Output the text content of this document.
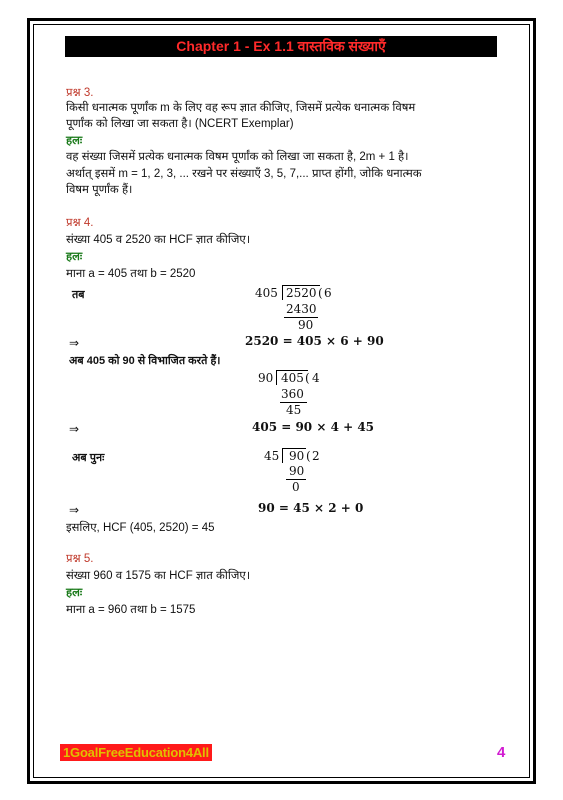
Chapter 1 - Ex 1.1 वास्तविक संख्याएँ
प्रश्न 3.
किसी धनात्मक पूर्णांक m के लिए वह रूप ज्ञात कीजिए, जिसमें प्रत्येक धनात्मक विषम
पूर्णांक को लिखा जा सकता है। (NCERT Exemplar)
हलः
वह संख्या जिसमें प्रत्येक धनात्मक विषम पूर्णांक को लिखा जा सकता है, 2m + 1 है।
अर्थात् इसमें m = 1, 2, 3, ... रखने पर संख्याएँ 3, 5, 7,... प्राप्त होंगी, जोकि धनात्मक
विषम पूर्णांक हैं।
प्रश्न 4.
संख्या 405 व 2520 का HCF ज्ञात कीजिए।
हलः
माना a = 405 तथा b = 2520
तब	405 2520 ( 6
2430
90
⇒	2520 = 405 × 6 + 90
अब 405 को 90 से विभाजित करते हैं।
90 405 ( 4
360
45
⇒	405 = 90 × 4 + 45
अब पुनः	45 90 ( 2
90
0
⇒	90 = 45 × 2 + 0
इसलिए, HCF (405, 2520) = 45
प्रश्न 5.
संख्या 960 व 1575 का HCF ज्ञात कीजिए।
हलः
माना a = 960 तथा b = 1575
1GoalFreeEducation4All	4
